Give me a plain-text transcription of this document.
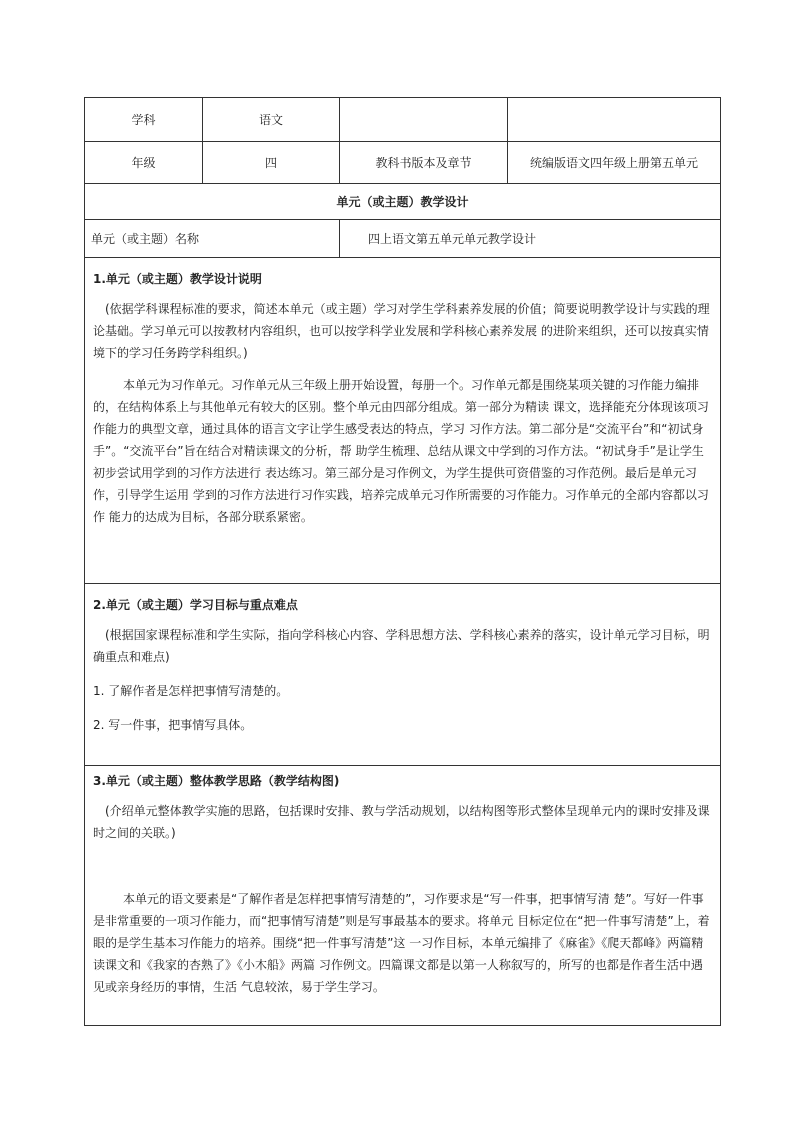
学科	语文		
年级	四	教科书版本及章节	统编版语文四年级上册第五单元
单元（或主题）教学设计			
单元（或主题）名称		四上语文第五单元单元教学设计	

1.单元（或主题）教学设计说明

(依据学科课程标准的要求，简述本单元（或主题）学习对学生学科素养发展的价值；简要说明教学设计与实践的理论基础。学习单元可以按教材内容组织，也可以按学科学业发展和学科核心素养发展 的进阶来组织，还可以按真实情境下的学习任务跨学科组织。)

本单元为习作单元。习作单元从三年级上册开始设置，每册一个。习作单元都是围绕某项关键的习作能力编排的，在结构体系上与其他单元有较大的区别。整个单元由四部分组成。第一部分为精读 课文，选择能充分体现该项习作能力的典型文章，通过具体的语言文字让学生感受表达的特点，学习 习作方法。第二部分是“交流平台”和“初试身手”。“交流平台”旨在结合对精读课文的分析，帮 助学生梳理、总结从课文中学到的习作方法。“初试身手”是让学生初步尝试用学到的习作方法进行 表达练习。第三部分是习作例文，为学生提供可资借鉴的习作范例。最后是单元习作，引导学生运用 学到的习作方法进行习作实践，培养完成单元习作所需要的习作能力。习作单元的全部内容都以习作 能力的达成为目标，各部分联系紧密。			

2.单元（或主题）学习目标与重点难点

(根据国家课程标准和学生实际，指向学科核心内容、学科思想方法、学科核心素养的落实，设计单元学习目标，明确重点和难点)

1. 了解作者是怎样把事情写清楚的。

2. 写一件事，把事情写具体。			

3.单元（或主题）整体教学思路（教学结构图)

(介绍单元整体教学实施的思路，包括课时安排、教与学活动规划，以结构图等形式整体呈现单元内的课时安排及课时之间的关联。)

本单元的语文要素是“了解作者是怎样把事情写清楚的”，习作要求是“写一件事，把事情写清 楚”。写好一件事是非常重要的一项习作能力，而“把事情写清楚”则是写事最基本的要求。将单元 目标定位在“把一件事写清楚”上，着眼的是学生基本习作能力的培养。围绕“把一件事写清楚”这 一习作目标，本单元编排了《麻雀》《爬天都峰》两篇精读课文和《我家的杏熟了》《小木船》两篇 习作例文。四篇课文都是以第一人称叙写的，所写的也都是作者生活中遇见或亲身经历的事情，生活 气息较浓，易于学生学习。			
